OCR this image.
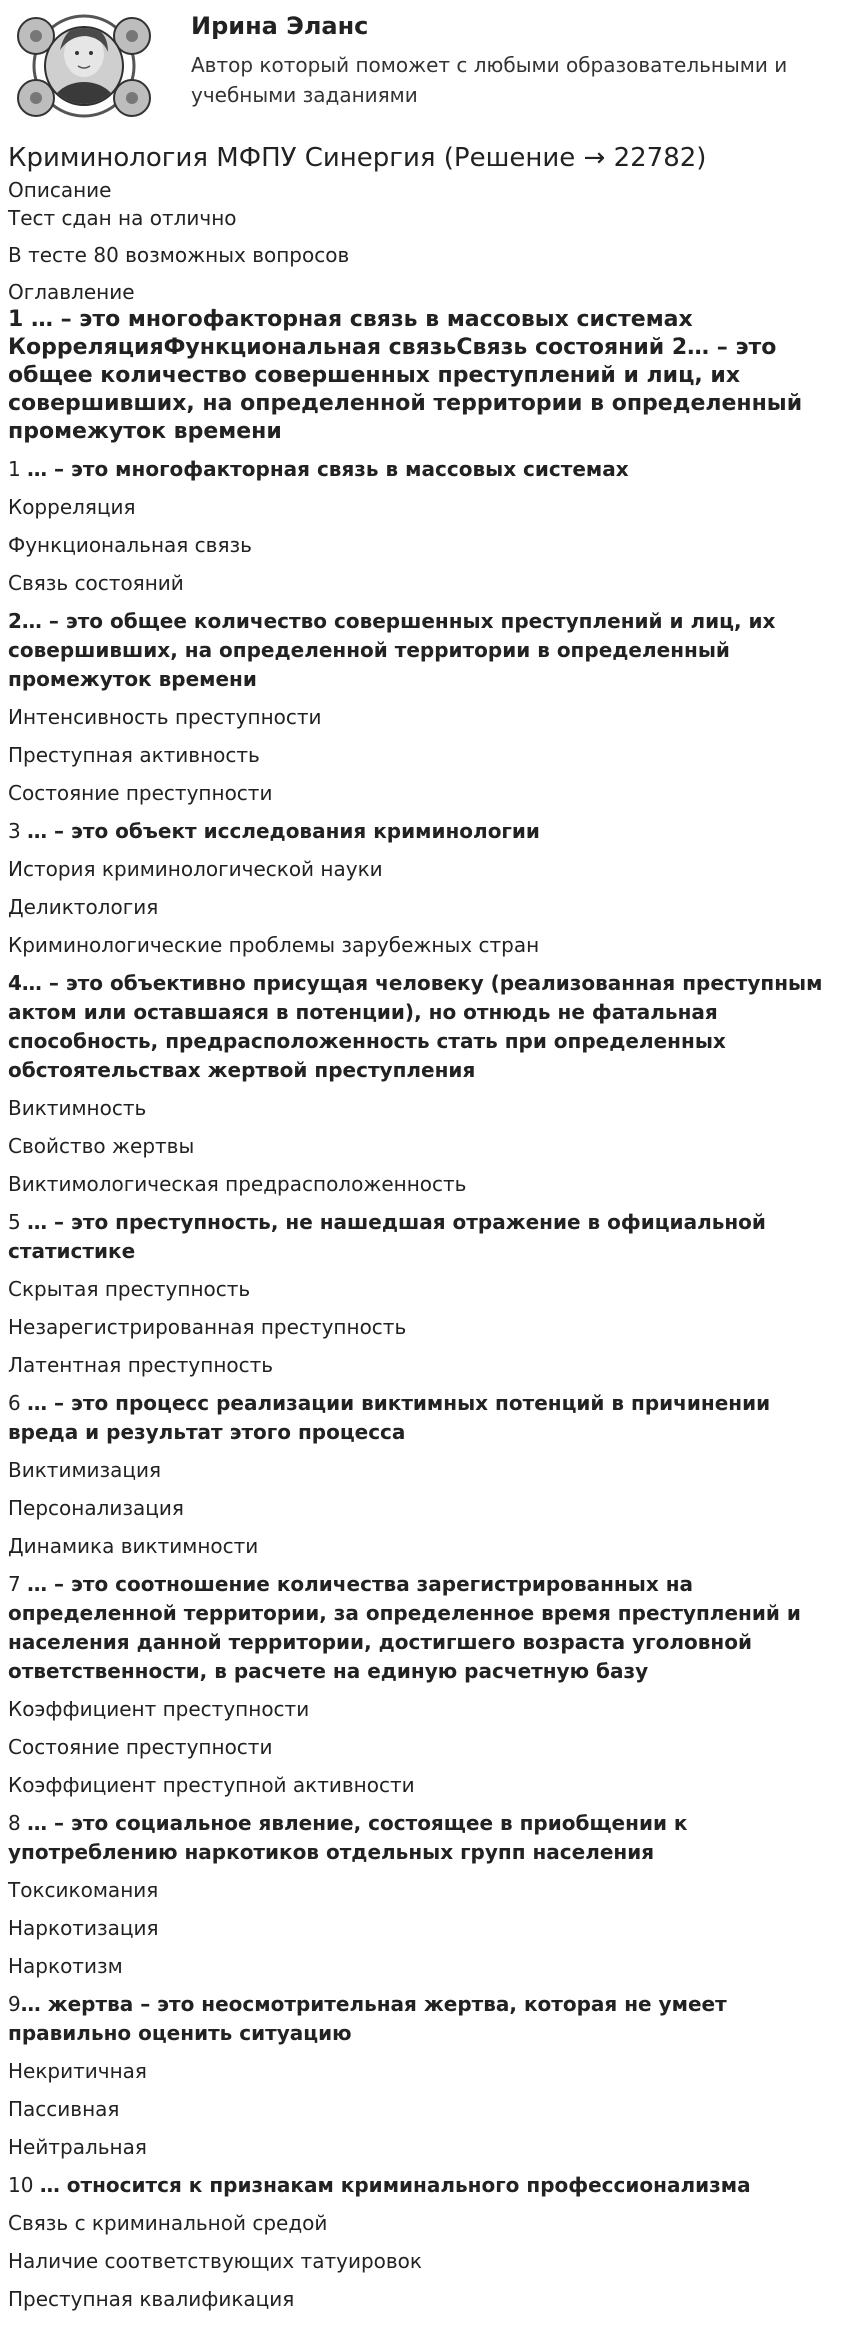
Ирина Эланс
Автор который поможет с любыми образовательными и учебными заданиями
Криминология МФПУ Синергия (Решение → 22782)
Описание
Тест сдан на отлично
В тесте 80 возможных вопросов
Оглавление
1 … – это многофакторная связь в массовых системах КорреляцияФункциональная связьСвязь состояний 2… – это общее количество совершенных преступлений и лиц, их совершивших, на определенной территории в определенный промежуток времени
1 … – это многофакторная связь в массовых системах
Корреляция
Функциональная связь
Связь состояний
2… – это общее количество совершенных преступлений и лиц, их совершивших, на определенной территории в определенный промежуток времени
Интенсивность преступности
Преступная активность
Состояние преступности
3 … – это объект исследования криминологии
История криминологической науки
Деликтология
Криминологические проблемы зарубежных стран
4… – это объективно присущая человеку (реализованная преступным актом или оставшаяся в потенции), но отнюдь не фатальная способность, предрасположенность стать при определенных обстоятельствах жертвой преступления
Виктимность
Свойство жертвы
Виктимологическая предрасположенность
5 … – это преступность, не нашедшая отражение в официальной статистике
Скрытая преступность
Незарегистрированная преступность
Латентная преступность
6 … – это процесс реализации виктимных потенций в причинении вреда и результат этого процесса
Виктимизация
Персонализация
Динамика виктимности
7 … – это соотношение количества зарегистрированных на определенной территории, за определенное время преступлений и населения данной территории, достигшего возраста уголовной ответственности, в расчете на единую расчетную базу
Коэффициент преступности
Состояние преступности
Коэффициент преступной активности
8 … – это социальное явление, состоящее в приобщении к употреблению наркотиков отдельных групп населения
Токсикомания
Наркотизация
Наркотизм
9… жертва – это неосмотрительная жертва, которая не умеет правильно оценить ситуацию
Некритичная
Пассивная
Нейтральная
10 … относится к признакам криминального профессионализма
Связь с криминальной средой
Наличие соответствующих татуировок
Преступная квалификация
